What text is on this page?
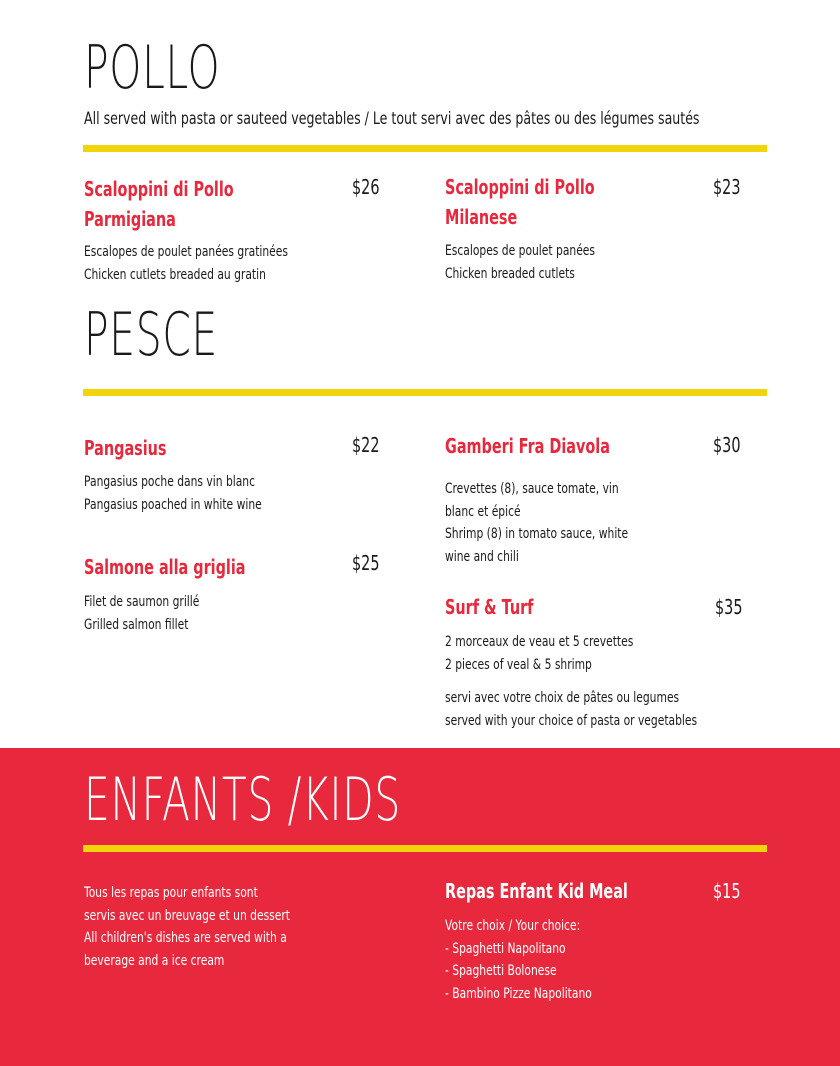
POLLO
All served with pasta or sauteed vegetables / Le tout servi avec des pâtes ou des légumes sautés
Scaloppini di Pollo
Parmigiana
$26
Escalopes de poulet panées gratinées
Chicken cutlets breaded au gratin
Scaloppini di Pollo
Milanese
$23
Escalopes de poulet panées
Chicken breaded cutlets
PESCE
Pangasius	$22
Pangasius poche dans vin blanc
Pangasius poached in white wine
Gamberi Fra Diavola	$30
Crevettes (8), sauce tomate, vin
blanc et épicé
Shrimp (8) in tomato sauce, white
wine and chili
Salmone alla griglia	$25
Filet de saumon grillé
Grilled salmon fillet
Surf & Turf	$35
2 morceaux de veau et 5 crevettes
2 pieces of veal & 5 shrimp
servi avec votre choix de pâtes ou legumes
served with your choice of pasta or vegetables
ENFANTS /KIDS
Tous les repas pour enfants sont
servis avec un breuvage et un dessert
All children's dishes are served with a
beverage and a ice cream
Repas Enfant Kid Meal	$15
Votre choix / Your choice:
- Spaghetti Napolitano
- Spaghetti Bolonese
- Bambino Pizze Napolitano
